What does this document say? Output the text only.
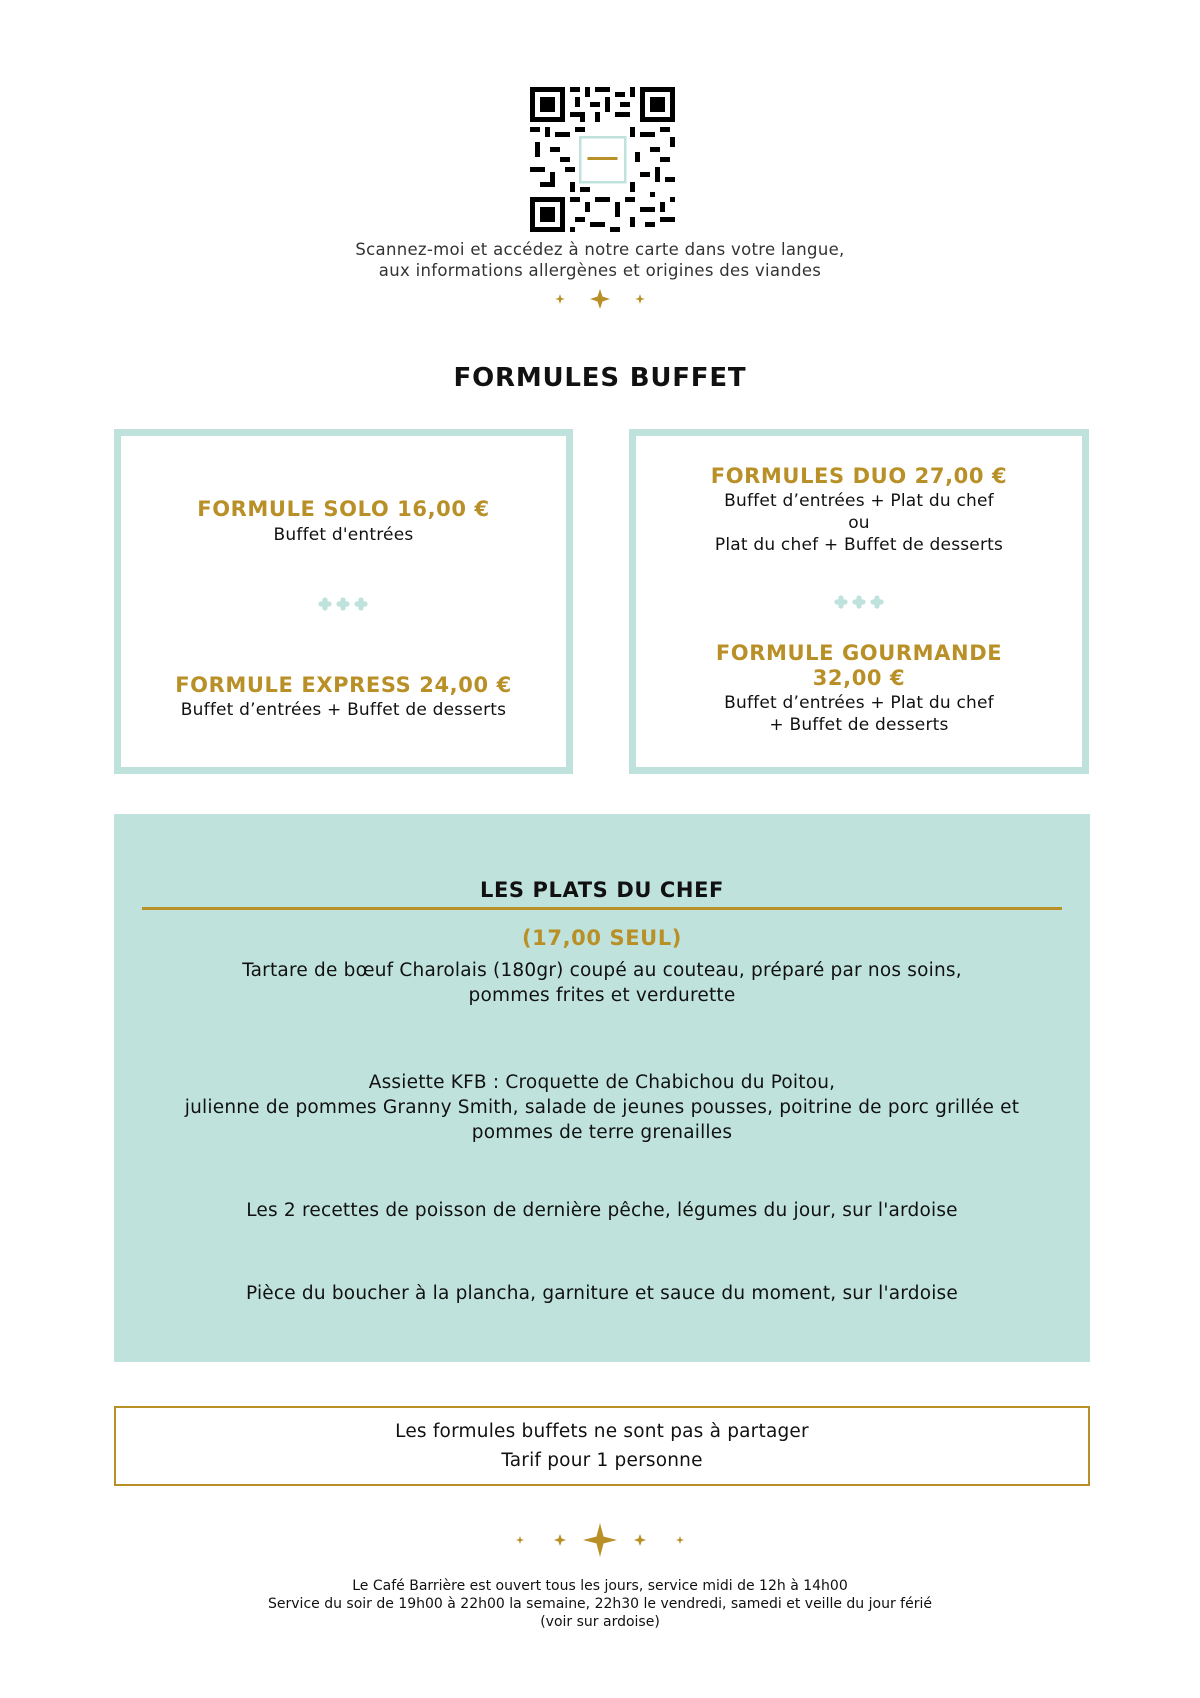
Scannez-moi et accédez à notre carte dans votre langue,
aux informations allergènes et origines des viandes
FORMULES BUFFET
FORMULE SOLO 16,00 €
Buffet d'entrées
FORMULE EXPRESS 24,00 €
Buffet d’entrées + Buffet de desserts
FORMULES DUO 27,00 €
Buffet d’entrées + Plat du chef
ou
Plat du chef + Buffet de desserts
FORMULE GOURMANDE
32,00 €
Buffet d’entrées + Plat du chef
+ Buffet de desserts
LES PLATS DU CHEF
(17,00 SEUL)
Tartare de bœuf Charolais (180gr) coupé au couteau, préparé par nos soins,
pommes frites et verdurette
Assiette KFB : Croquette de Chabichou du Poitou,
julienne de pommes Granny Smith, salade de jeunes pousses, poitrine de porc grillée et
pommes de terre grenailles
Les 2 recettes de poisson de dernière pêche, légumes du jour, sur l'ardoise
Pièce du boucher à la plancha, garniture et sauce du moment, sur l'ardoise
Les formules buffets ne sont pas à partager
Tarif pour 1 personne
Le Café Barrière est ouvert tous les jours, service midi de 12h à 14h00
Service du soir de 19h00 à 22h00 la semaine, 22h30 le vendredi, samedi et veille du jour férié
(voir sur ardoise)
